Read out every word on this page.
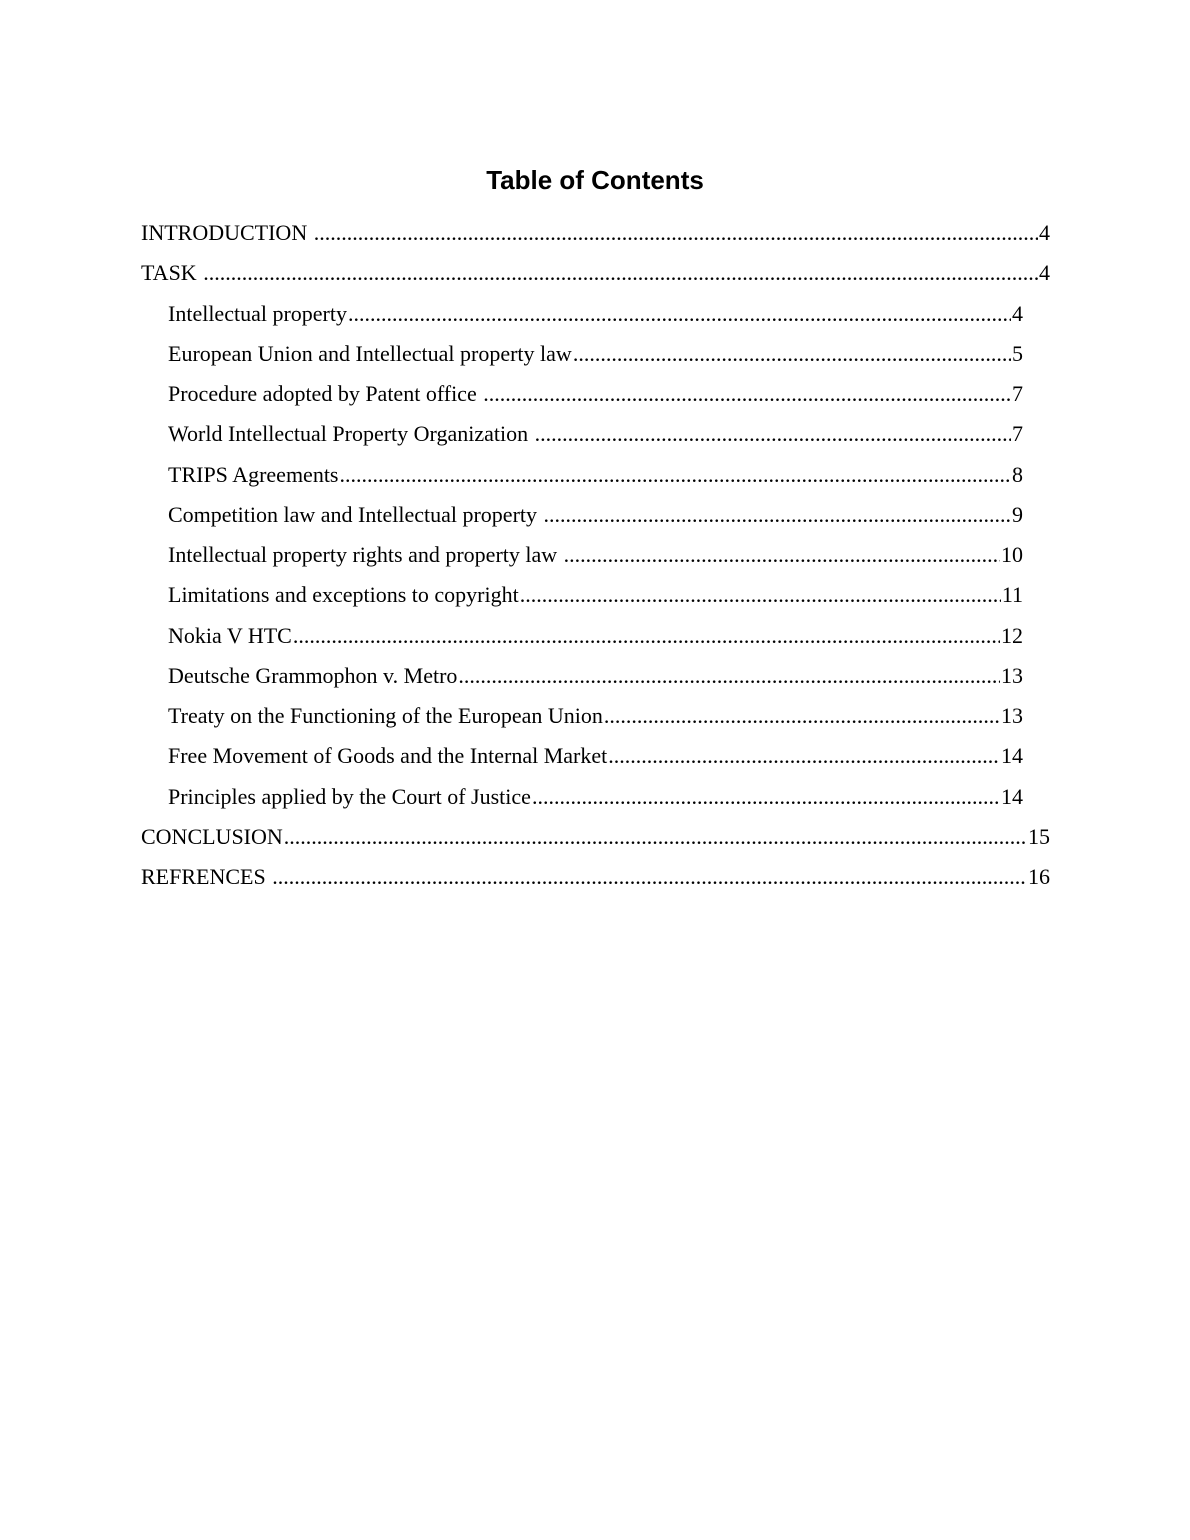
Table of Contents
INTRODUCTION .....	4
TASK .....	4
Intellectual property .....	4
European Union and Intellectual property law .....	5
Procedure adopted by Patent office .....	7
World Intellectual Property Organization .....	7
TRIPS Agreements .....	8
Competition law and Intellectual property .....	9
Intellectual property rights and property law .....	10
Limitations and exceptions to copyright .....	11
Nokia V HTC .....	12
Deutsche Grammophon v. Metro .....	13
Treaty on the Functioning of the European Union .....	13
Free Movement of Goods and the Internal Market .....	14
Principles applied by the Court of Justice .....	14
CONCLUSION .....	15
REFRENCES .....	16
